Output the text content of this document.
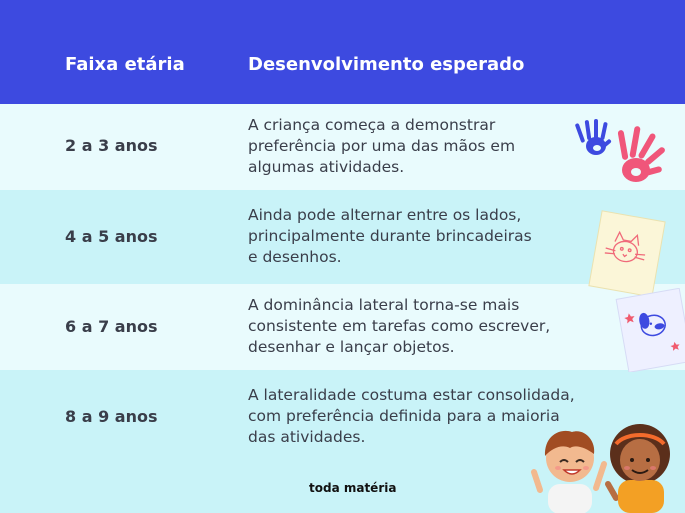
Faixa etária	Desenvolvimento esperado
2 a 3 anos
A criança começa a demonstrar
preferência por uma das mãos em
algumas atividades.
4 a 5 anos
Ainda pode alternar entre os lados,
principalmente durante brincadeiras
e desenhos.
6 a 7 anos
A dominância lateral torna-se mais
consistente em tarefas como escrever,
desenhar e lançar objetos.
8 a 9 anos
A lateralidade costuma estar consolidada,
com preferência definida para a maioria
das atividades.
toda matéria
